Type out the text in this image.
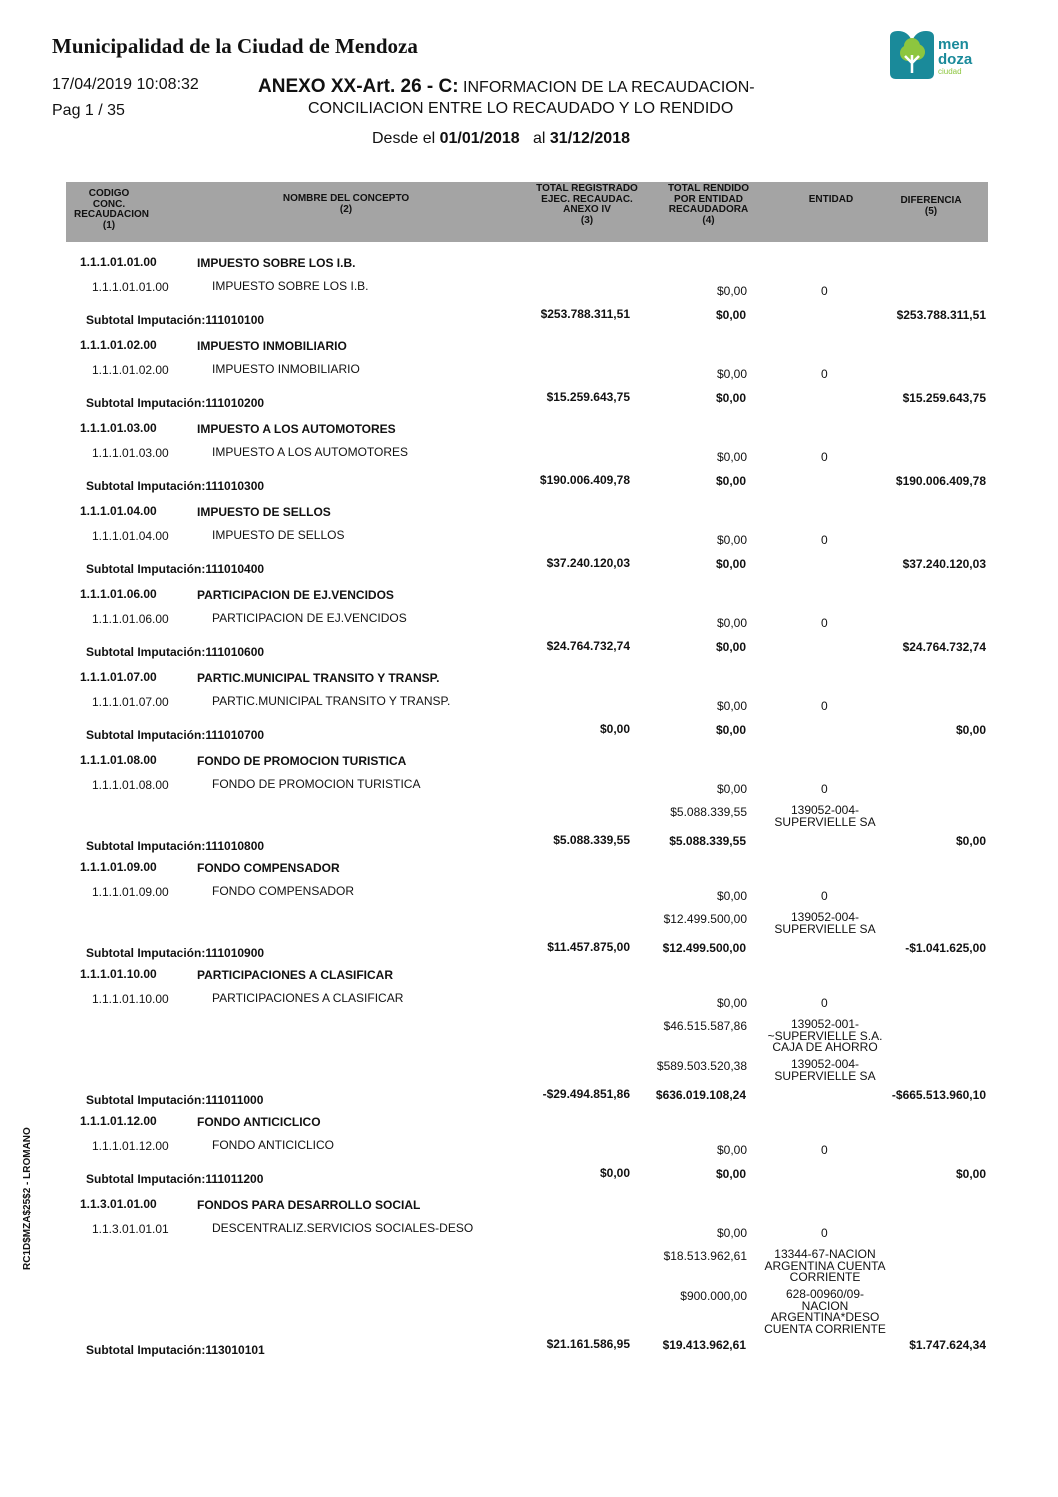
Municipalidad de la Ciudad de Mendoza
17/04/2019 10:08:32
Pag 1 / 35
ANEXO XX-Art. 26 - C: INFORMACION DE LA RECAUDACION-
CONCILIACION ENTRE LO RECAUDADO Y LO RENDIDO
Desde el 01/01/2018   al 31/12/2018
men
doza
ciudad
CODIGO CONC.
RECAUDACION
(1)
NOMBRE DEL CONCEPTO
(2)
TOTAL REGISTRADO
EJEC. RECAUDAC.
ANEXO IV
(3)
TOTAL RENDIDO
POR ENTIDAD
RECAUDADORA
(4)
ENTIDAD	DIFERENCIA
(5)
RC1D$MZA$25$2 - LROMANO
1.1.1.01.01.00	IMPUESTO SOBRE LOS I.B.
1.1.1.01.01.00	IMPUESTO SOBRE LOS I.B.	$0,00	0
Subtotal Imputación:111010100	$253.788.311,51	$0,00	$253.788.311,51
1.1.1.01.02.00	IMPUESTO INMOBILIARIO
1.1.1.01.02.00	IMPUESTO INMOBILIARIO	$0,00	0
Subtotal Imputación:111010200	$15.259.643,75	$0,00	$15.259.643,75
1.1.1.01.03.00	IMPUESTO A LOS AUTOMOTORES
1.1.1.01.03.00	IMPUESTO A LOS AUTOMOTORES	$0,00	0
Subtotal Imputación:111010300	$190.006.409,78	$0,00	$190.006.409,78
1.1.1.01.04.00	IMPUESTO DE SELLOS
1.1.1.01.04.00	IMPUESTO DE SELLOS	$0,00	0
Subtotal Imputación:111010400	$37.240.120,03	$0,00	$37.240.120,03
1.1.1.01.06.00	PARTICIPACION DE EJ.VENCIDOS
1.1.1.01.06.00	PARTICIPACION DE EJ.VENCIDOS	$0,00	0
Subtotal Imputación:111010600	$24.764.732,74	$0,00	$24.764.732,74
1.1.1.01.07.00	PARTIC.MUNICIPAL TRANSITO Y TRANSP.
1.1.1.01.07.00	PARTIC.MUNICIPAL TRANSITO Y TRANSP.	$0,00	0
Subtotal Imputación:111010700	$0,00	$0,00	$0,00
1.1.1.01.08.00	FONDO DE PROMOCION TURISTICA
1.1.1.01.08.00	FONDO DE PROMOCION TURISTICA	$0,00	0
$5.088.339,55	139052-004-
SUPERVIELLE SA
Subtotal Imputación:111010800	$5.088.339,55	$5.088.339,55	$0,00
1.1.1.01.09.00	FONDO COMPENSADOR
1.1.1.01.09.00	FONDO COMPENSADOR	$0,00	0
$12.499.500,00	139052-004-
SUPERVIELLE SA
Subtotal Imputación:111010900	$11.457.875,00	$12.499.500,00	-$1.041.625,00
1.1.1.01.10.00	PARTICIPACIONES A CLASIFICAR
1.1.1.01.10.00	PARTICIPACIONES A CLASIFICAR	$0,00	0
$46.515.587,86	139052-001-
~SUPERVIELLE S.A.
CAJA DE AHORRO
$589.503.520,38	139052-004-
SUPERVIELLE SA
Subtotal Imputación:111011000	-$29.494.851,86 $636.019.108,24	-$665.513.960,10
1.1.1.01.12.00	FONDO ANTICICLICO
1.1.1.01.12.00	FONDO ANTICICLICO	$0,00	0
Subtotal Imputación:111011200	$0,00	$0,00	$0,00
1.1.3.01.01.00	FONDOS PARA DESARROLLO SOCIAL
1.1.3.01.01.01	DESCENTRALIZ.SERVICIOS SOCIALES-DESO	$0,00	0
$18.513.962,61	13344-67-NACION
ARGENTINA CUENTA
CORRIENTE
$900.000,00	628-00960/09-
NACION
ARGENTINA*DESO
CUENTA CORRIENTE
Subtotal Imputación:113010101	$21.161.586,95	$19.413.962,61	$1.747.624,34
